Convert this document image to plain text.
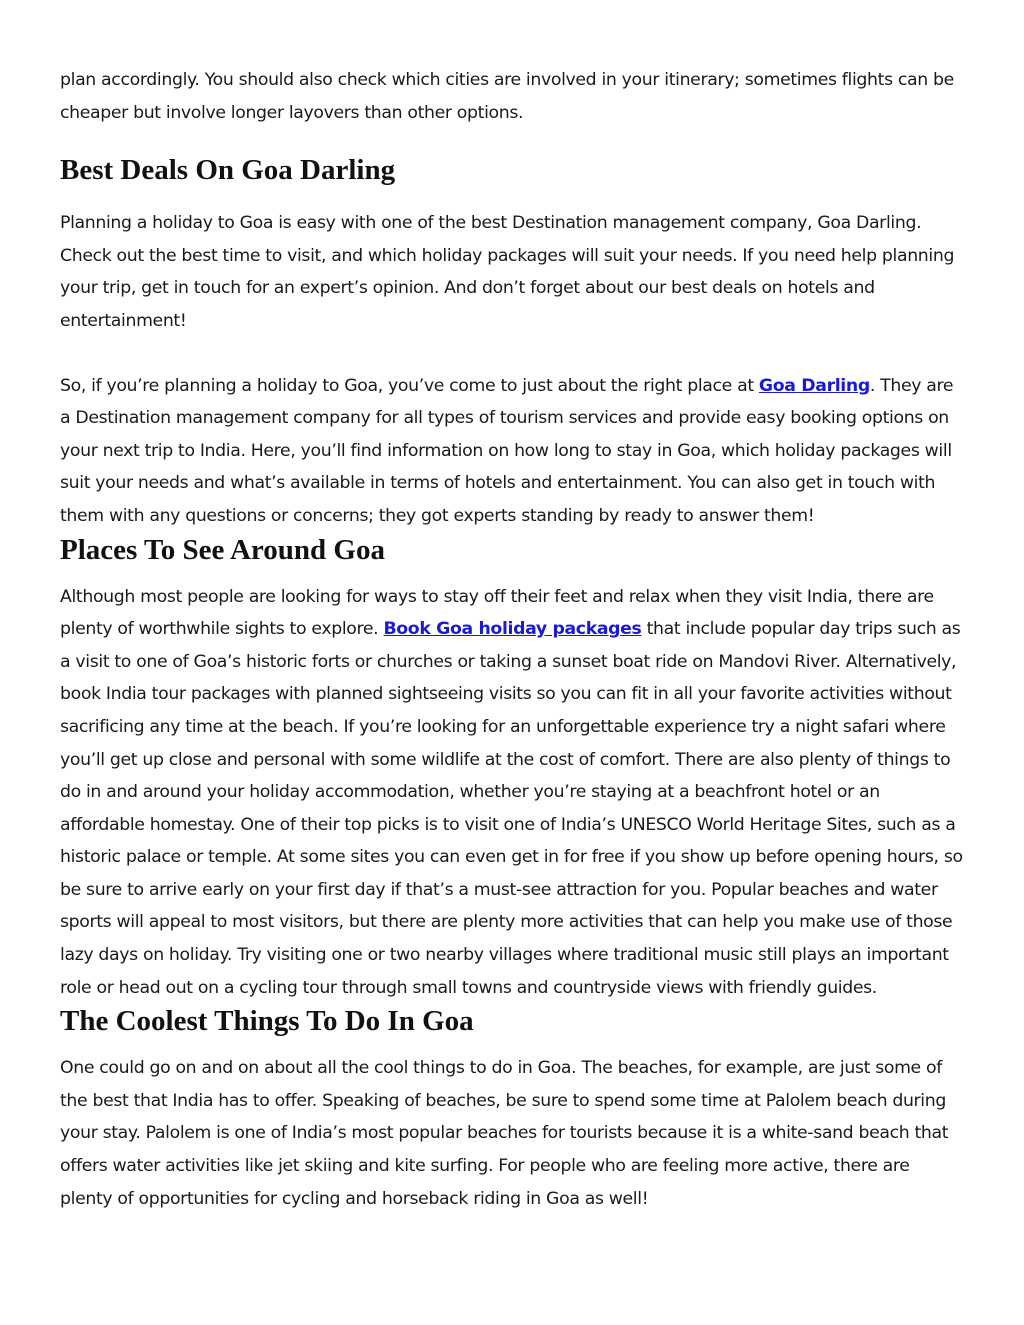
plan accordingly. You should also check which cities are involved in your itinerary; sometimes flights can be cheaper but involve longer layovers than other options.

Best Deals On Goa Darling

Planning a holiday to Goa is easy with one of the best Destination management company, Goa Darling. Check out the best time to visit, and which holiday packages will suit your needs. If you need help planning your trip, get in touch for an expert’s opinion. And don’t forget about our best deals on hotels and entertainment!

So, if you’re planning a holiday to Goa, you’ve come to just about the right place at Goa Darling. They are a Destination management company for all types of tourism services and provide easy booking options on your next trip to India. Here, you’ll find information on how long to stay in Goa, which holiday packages will suit your needs and what’s available in terms of hotels and entertainment. You can also get in touch with them with any questions or concerns; they got experts standing by ready to answer them!

Places To See Around Goa

Although most people are looking for ways to stay off their feet and relax when they visit India, there are plenty of worthwhile sights to explore. Book Goa holiday packages that include popular day trips such as a visit to one of Goa’s historic forts or churches or taking a sunset boat ride on Mandovi River. Alternatively, book India tour packages with planned sightseeing visits so you can fit in all your favorite activities without sacrificing any time at the beach. If you’re looking for an unforgettable experience try a night safari where you’ll get up close and personal with some wildlife at the cost of comfort. There are also plenty of things to do in and around your holiday accommodation, whether you’re staying at a beachfront hotel or an affordable homestay. One of their top picks is to visit one of India’s UNESCO World Heritage Sites, such as a historic palace or temple. At some sites you can even get in for free if you show up before opening hours, so be sure to arrive early on your first day if that’s a must-see attraction for you. Popular beaches and water sports will appeal to most visitors, but there are plenty more activities that can help you make use of those lazy days on holiday. Try visiting one or two nearby villages where traditional music still plays an important role or head out on a cycling tour through small towns and countryside views with friendly guides.

The Coolest Things To Do In Goa

One could go on and on about all the cool things to do in Goa. The beaches, for example, are just some of the best that India has to offer. Speaking of beaches, be sure to spend some time at Palolem beach during your stay. Palolem is one of India’s most popular beaches for tourists because it is a white-sand beach that offers water activities like jet skiing and kite surfing. For people who are feeling more active, there are plenty of opportunities for cycling and horseback riding in Goa as well!
